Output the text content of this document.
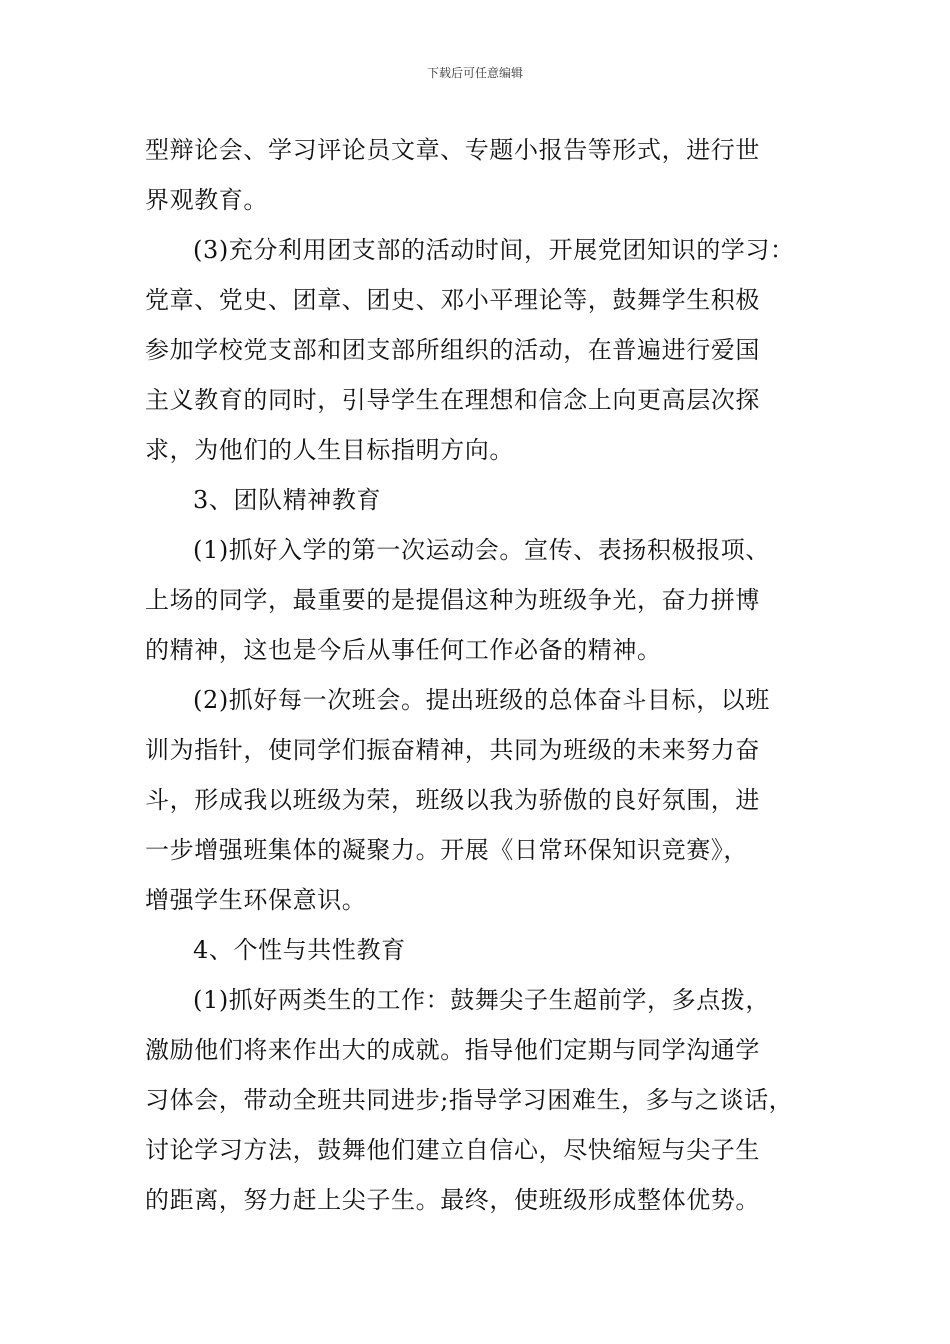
下载后可任意编辑

型辩论会、学习评论员文章、专题小报告等形式，进行世
界观教育。

(3)充分利用团支部的活动时间，开展党团知识的学习：
党章、党史、团章、团史、邓小平理论等，鼓舞学生积极
参加学校党支部和团支部所组织的活动，在普遍进行爱国
主义教育的同时，引导学生在理想和信念上向更高层次探
求，为他们的人生目标指明方向。

3、团队精神教育

(1)抓好入学的第一次运动会。宣传、表扬积极报项、
上场的同学，最重要的是提倡这种为班级争光，奋力拼博
的精神，这也是今后从事任何工作必备的精神。

(2)抓好每一次班会。提出班级的总体奋斗目标，以班
训为指针，使同学们振奋精神，共同为班级的未来努力奋
斗，形成我以班级为荣，班级以我为骄傲的良好氛围，进
一步增强班集体的凝聚力。开展《日常环保知识竞赛》，
增强学生环保意识。

4、个性与共性教育

(1)抓好两类生的工作：鼓舞尖子生超前学，多点拨，
激励他们将来作出大的成就。指导他们定期与同学沟通学
习体会，带动全班共同进步;指导学习困难生，多与之谈话，
讨论学习方法，鼓舞他们建立自信心，尽快缩短与尖子生
的距离，努力赶上尖子生。最终，使班级形成整体优势。
